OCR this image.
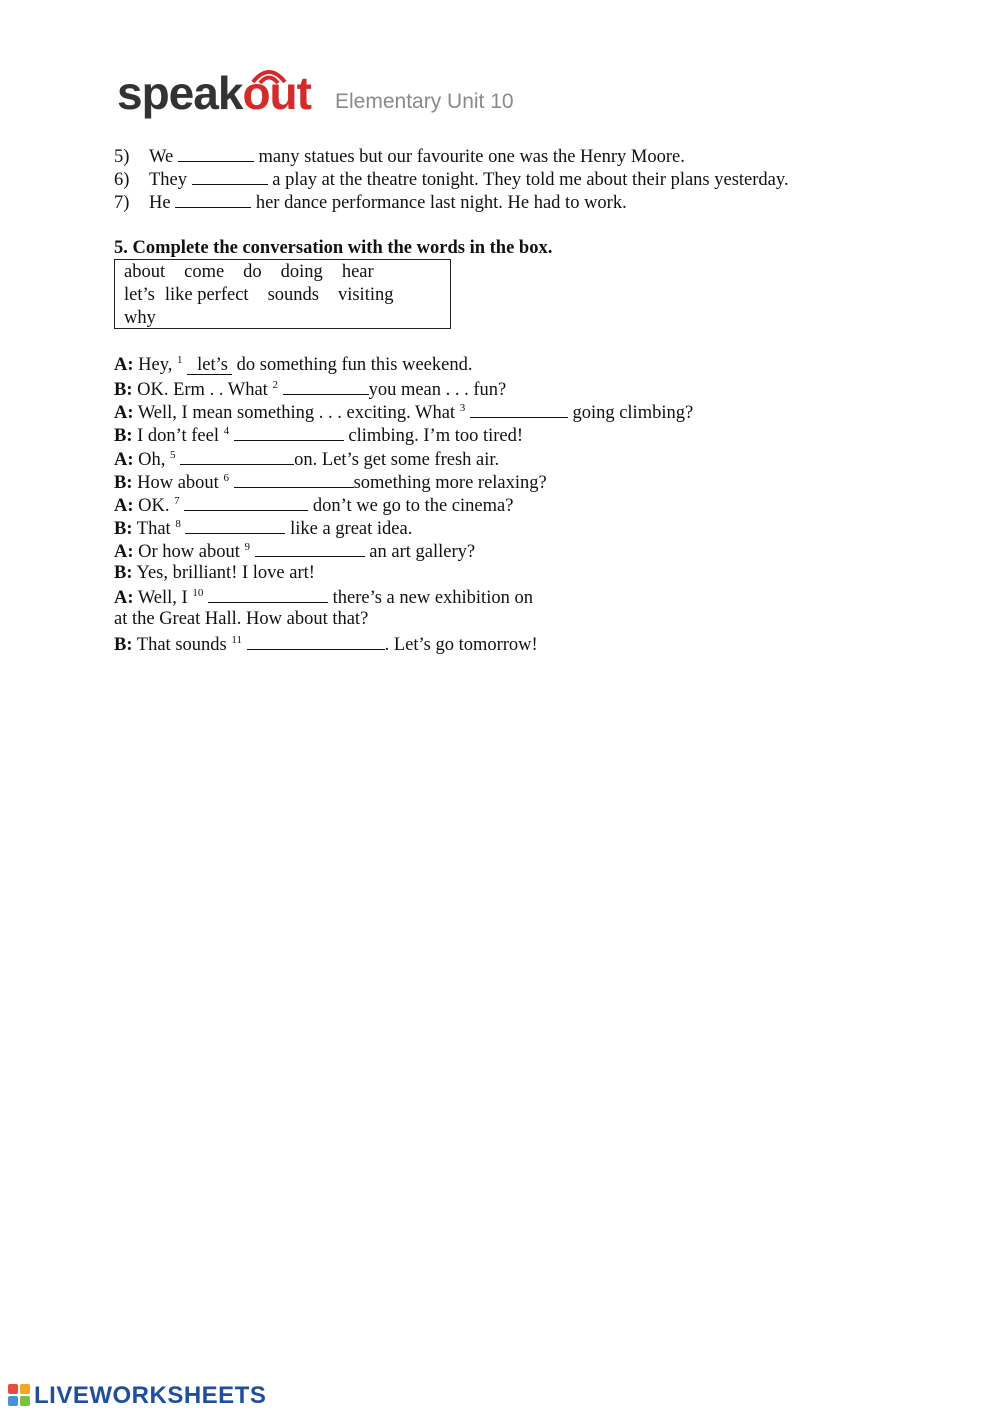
speakout Elementary Unit 10
5) We	many statues but our favourite one was the Henry Moore.
6) They	a play at the theatre tonight. They told me about their plans yesterday.
7) He	her dance performance last night. He had to work.
5. Complete the conversation with the words in the box.
about come do doing hear
let’s like perfect sounds visiting
why
A: Hey, $^1$ let’s do something fun this weekend.
B: OK. Erm . . What $^2$	you mean . . . fun?
A: Well, I mean something . . . exciting. What $^3$	going climbing?
B: I don’t feel $^4$	climbing. I’m too tired!
A: Oh, $^5$	on. Let’s get some fresh air.
B: How about $^6$	something more relaxing?
A: OK. $^7$	don’t we go to the cinema?
B: That $^8$	like a great idea.
A: Or how about $^9$	an art gallery?
B: Yes, brilliant! I love art!
A: Well, I $^{10}$	there’s a new exhibition on
at the Great Hall. How about that?
B: That sounds $^{11}$	. Let’s go tomorrow!
LIVEWORKSHEETS
